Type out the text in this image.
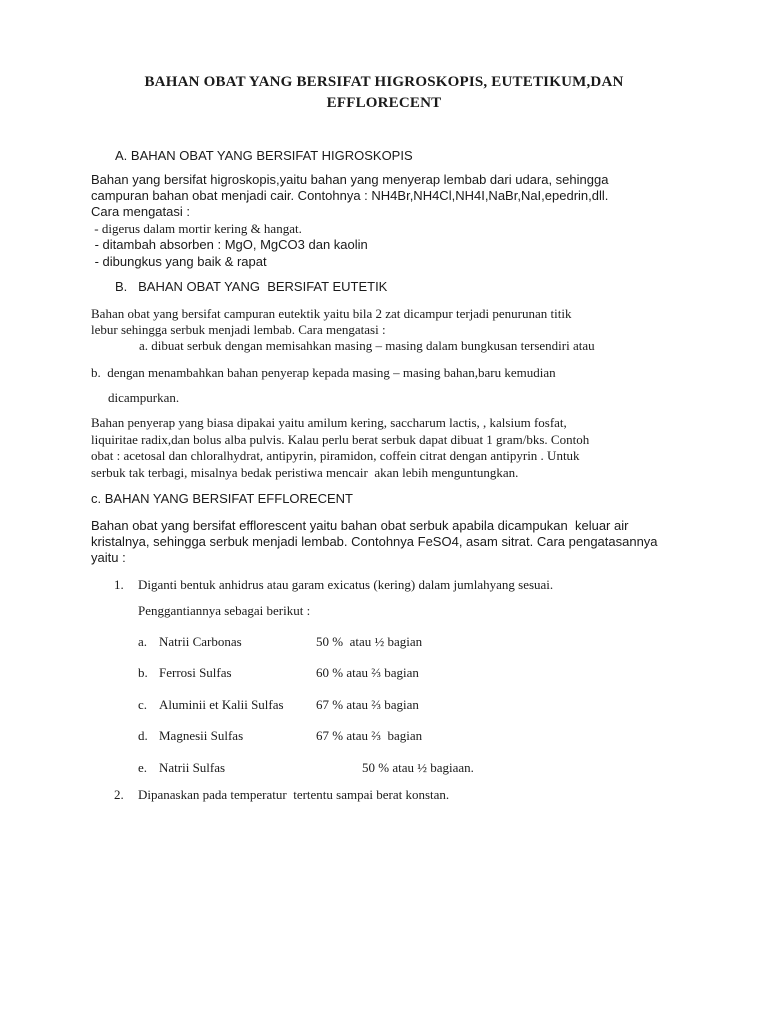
BAHAN OBAT YANG BERSIFAT HIGROSKOPIS, EUTETIKUM,DAN
EFFLORECENT
A. BAHAN OBAT YANG BERSIFAT HIGROSKOPIS
Bahan yang bersifat higroskopis,yaitu bahan yang menyerap lembab dari udara, sehingga
campuran bahan obat menjadi cair. Contohnya : NH4Br,NH4Cl,NH4I,NaBr,NaI,epedrin,dll.
Cara mengatasi :
- digerus dalam mortir kering & hangat.
- ditambah absorben : MgO, MgCO3 dan kaolin
- dibungkus yang baik & rapat
B.   BAHAN OBAT YANG  BERSIFAT EUTETIK
Bahan obat yang bersifat campuran eutektik yaitu bila 2 zat dicampur terjadi penurunan titik
lebur sehingga serbuk menjadi lembab. Cara mengatasi :
a. dibuat serbuk dengan memisahkan masing – masing dalam bungkusan tersendiri atau
b.  dengan menambahkan bahan penyerap kepada masing – masing bahan,baru kemudian
dicampurkan.
Bahan penyerap yang biasa dipakai yaitu amilum kering, saccharum lactis, , kalsium fosfat,
liquiritae radix,dan bolus alba pulvis. Kalau perlu berat serbuk dapat dibuat 1 gram/bks. Contoh
obat : acetosal dan chloralhydrat, antipyrin, piramidon, coffein citrat dengan antipyrin . Untuk
serbuk tak terbagi, misalnya bedak peristiwa mencair  akan lebih menguntungkan.
c. BAHAN YANG BERSIFAT EFFLORECENT
Bahan obat yang bersifat efflorescent yaitu bahan obat serbuk apabila dicampukan  keluar air
kristalnya, sehingga serbuk menjadi lembab. Contohnya FeSO4, asam sitrat. Cara pengatasannya
yaitu :
1. Diganti bentuk anhidrus atau garam exicatus (kering) dalam jumlahyang sesuai.
Penggantiannya sebagai berikut :
a. Natrii Carbonas	50 %  atau ½ bagian
b. Ferrosi Sulfas	60 % atau ⅔ bagian
c. Aluminii et Kalii Sulfas 67 % atau ⅔ bagian
d. Magnesii Sulfas	67 % atau ⅔  bagian
e. Natrii Sulfas	50 % atau ½ bagiaan.
2. Dipanaskan pada temperatur  tertentu sampai berat konstan.
